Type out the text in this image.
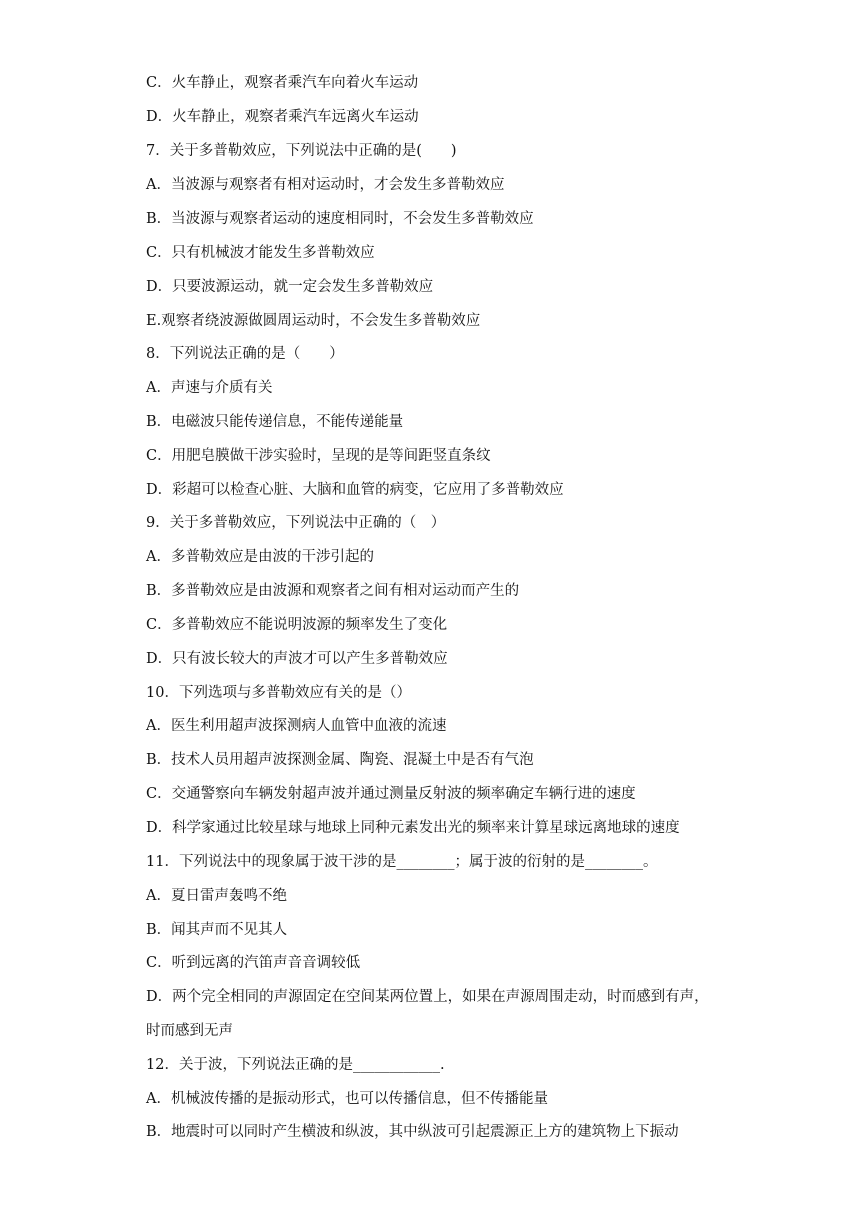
C．火车静止，观察者乘汽车向着火车运动
D．火车静止，观察者乘汽车远离火车运动
7．关于多普勒效应，下列说法中正确的是(　　)
A．当波源与观察者有相对运动时，才会发生多普勒效应
B．当波源与观察者运动的速度相同时，不会发生多普勒效应
C．只有机械波才能发生多普勒效应
D．只要波源运动，就一定会发生多普勒效应
E.观察者绕波源做圆周运动时，不会发生多普勒效应
8．下列说法正确的是（　　）
A．声速与介质有关
B．电磁波只能传递信息，不能传递能量
C．用肥皂膜做干涉实验时，呈现的是等间距竖直条纹
D．彩超可以检查心脏、大脑和血管的病变，它应用了多普勒效应
9．关于多普勒效应，下列说法中正确的（　）
A．多普勒效应是由波的干涉引起的
B．多普勒效应是由波源和观察者之间有相对运动而产生的
C．多普勒效应不能说明波源的频率发生了变化
D．只有波长较大的声波才可以产生多普勒效应
10．下列选项与多普勒效应有关的是（）
A．医生利用超声波探测病人血管中血液的流速
B．技术人员用超声波探测金属、陶瓷、混凝土中是否有气泡
C．交通警察向车辆发射超声波并通过测量反射波的频率确定车辆行进的速度
D．科学家通过比较星球与地球上同种元素发出光的频率来计算星球远离地球的速度
11．下列说法中的现象属于波干涉的是________；属于波的衍射的是________。
A．夏日雷声轰鸣不绝
B．闻其声而不见其人
C．听到远离的汽笛声音音调较低
D．两个完全相同的声源固定在空间某两位置上，如果在声源周围走动，时而感到有声，
时而感到无声
12．关于波，下列说法正确的是____________.
A．机械波传播的是振动形式，也可以传播信息，但不传播能量
B．地震时可以同时产生横波和纵波，其中纵波可引起震源正上方的建筑物上下振动
